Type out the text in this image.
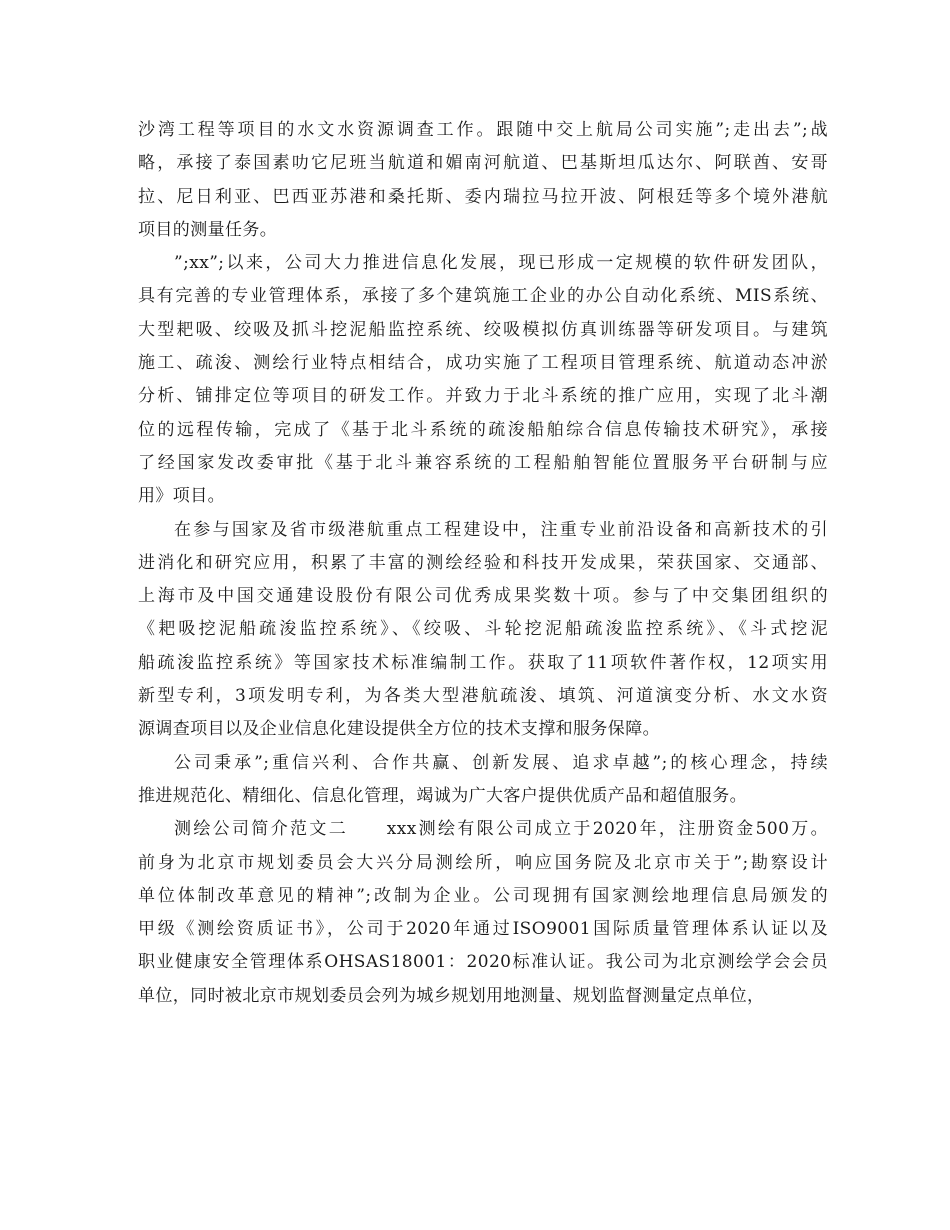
沙湾工程等项目的水文水资源调查工作。跟随中交上航局公司实施”;走出去”;战
略，承接了泰国素叻它尼班当航道和媚南河航道、巴基斯坦瓜达尔、阿联酋、安哥
拉、尼日利亚、巴西亚苏港和桑托斯、委内瑞拉马拉开波、阿根廷等多个境外港航
项目的测量任务。

”;xx”;以来，公司大力推进信息化发展，现已形成一定规模的软件研发团队，
具有完善的专业管理体系，承接了多个建筑施工企业的办公自动化系统、MIS系统、
大型耙吸、绞吸及抓斗挖泥船监控系统、绞吸模拟仿真训练器等研发项目。与建筑
施工、疏浚、测绘行业特点相结合，成功实施了工程项目管理系统、航道动态冲淤
分析、铺排定位等项目的研发工作。并致力于北斗系统的推广应用，实现了北斗潮
位的远程传输，完成了《基于北斗系统的疏浚船舶综合信息传输技术研究》，承接
了经国家发改委审批《基于北斗兼容系统的工程船舶智能位置服务平台研制与应
用》项目。

在参与国家及省市级港航重点工程建设中，注重专业前沿设备和高新技术的引
进消化和研究应用，积累了丰富的测绘经验和科技开发成果，荣获国家、交通部、
上海市及中国交通建设股份有限公司优秀成果奖数十项。参与了中交集团组织的
《耙吸挖泥船疏浚监控系统》、《绞吸、斗轮挖泥船疏浚监控系统》、《斗式挖泥
船疏浚监控系统》等国家技术标准编制工作。获取了11项软件著作权，12项实用
新型专利，3项发明专利，为各类大型港航疏浚、填筑、河道演变分析、水文水资
源调查项目以及企业信息化建设提供全方位的技术支撑和服务保障。

公司秉承”;重信兴利、合作共赢、创新发展、追求卓越”;的核心理念，持续
推进规范化、精细化、信息化管理，竭诚为广大客户提供优质产品和超值服务。

测绘公司简介范文二　　xxx测绘有限公司成立于2020年，注册资金500万。
前身为北京市规划委员会大兴分局测绘所，响应国务院及北京市关于”;勘察设计
单位体制改革意见的精神”;改制为企业。公司现拥有国家测绘地理信息局颁发的
甲级《测绘资质证书》，公司于2020年通过ISO9001国际质量管理体系认证以及
职业健康安全管理体系OHSAS18001：2020标准认证。我公司为北京测绘学会会员
单位，同时被北京市规划委员会列为城乡规划用地测量、规划监督测量定点单位，
